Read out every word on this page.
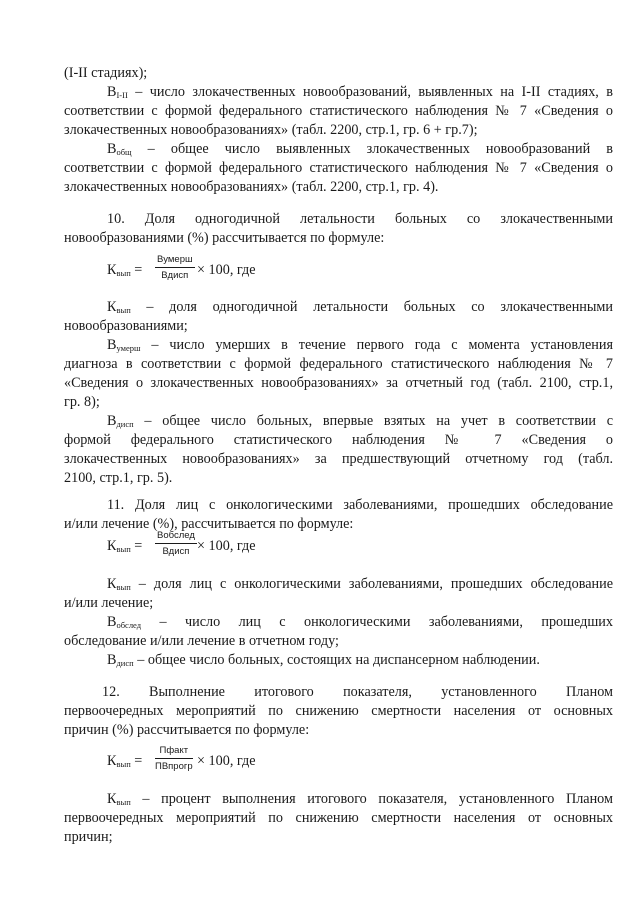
(I-II стадиях);
$В_{I-II}$ – число злокачественных новообразований, выявленных на I-II стадиях, в
соответствии с формой федерального статистического наблюдения № 7 «Сведения о
злокачественных новообразованиях» (табл. 2200, стр.1, гр. 6 + гр.7);
$В_{общ}$ – общее число выявленных злокачественных новообразований в
соответствии с формой федерального статистического наблюдения № 7 «Сведения о
злокачественных новообразованиях» (табл. 2200, стр.1, гр. 4).
10. Доля одногодичной летальности больных со злокачественными
новообразованиями (%) рассчитывается по формуле:
$К_{вып}$ =
Вумерш
Вдисп × 100, где
$К_{вып}$ – доля одногодичной летальности больных со злокачественными
новообразованиями;
$В_{умерш}$ – число умерших в течение первого года с момента установления
диагноза в соответствии с формой федерального статистического наблюдения № 7
«Сведения о злокачественных новообразованиях» за отчетный год (табл. 2100, стр.1,
гр. 8);
$В_{дисп}$ – общее число больных, впервые взятых на учет в соответствии с
формой федерального статистического наблюдения № 7 «Сведения о
злокачественных новообразованиях» за предшествующий отчетному год (табл.
2100, стр.1, гр. 5).
11. Доля лиц с онкологическими заболеваниями, прошедших обследование
и/или лечение (%), рассчитывается по формуле:
$К_{вып}$ =
Вобслед
Вдисп × 100, где
$К_{вып}$ – доля лиц с онкологическими заболеваниями, прошедших обследование
и/или лечение;
$В_{обслед}$ – число лиц с онкологическими заболеваниями, прошедших
обследование и/или лечение в отчетном году;
$В_{дисп}$ – общее число больных, состоящих на диспансерном наблюдении.
12. Выполнение итогового показателя, установленного Планом
первоочередных мероприятий по снижению смертности населения от основных
причин (%) рассчитывается по формуле:
$К_{вып}$ =
Пфакт
ПВпрогр × 100, где
$К_{вып}$ – процент выполнения итогового показателя, установленного Планом
первоочередных мероприятий по снижению смертности населения от основных
причин;
